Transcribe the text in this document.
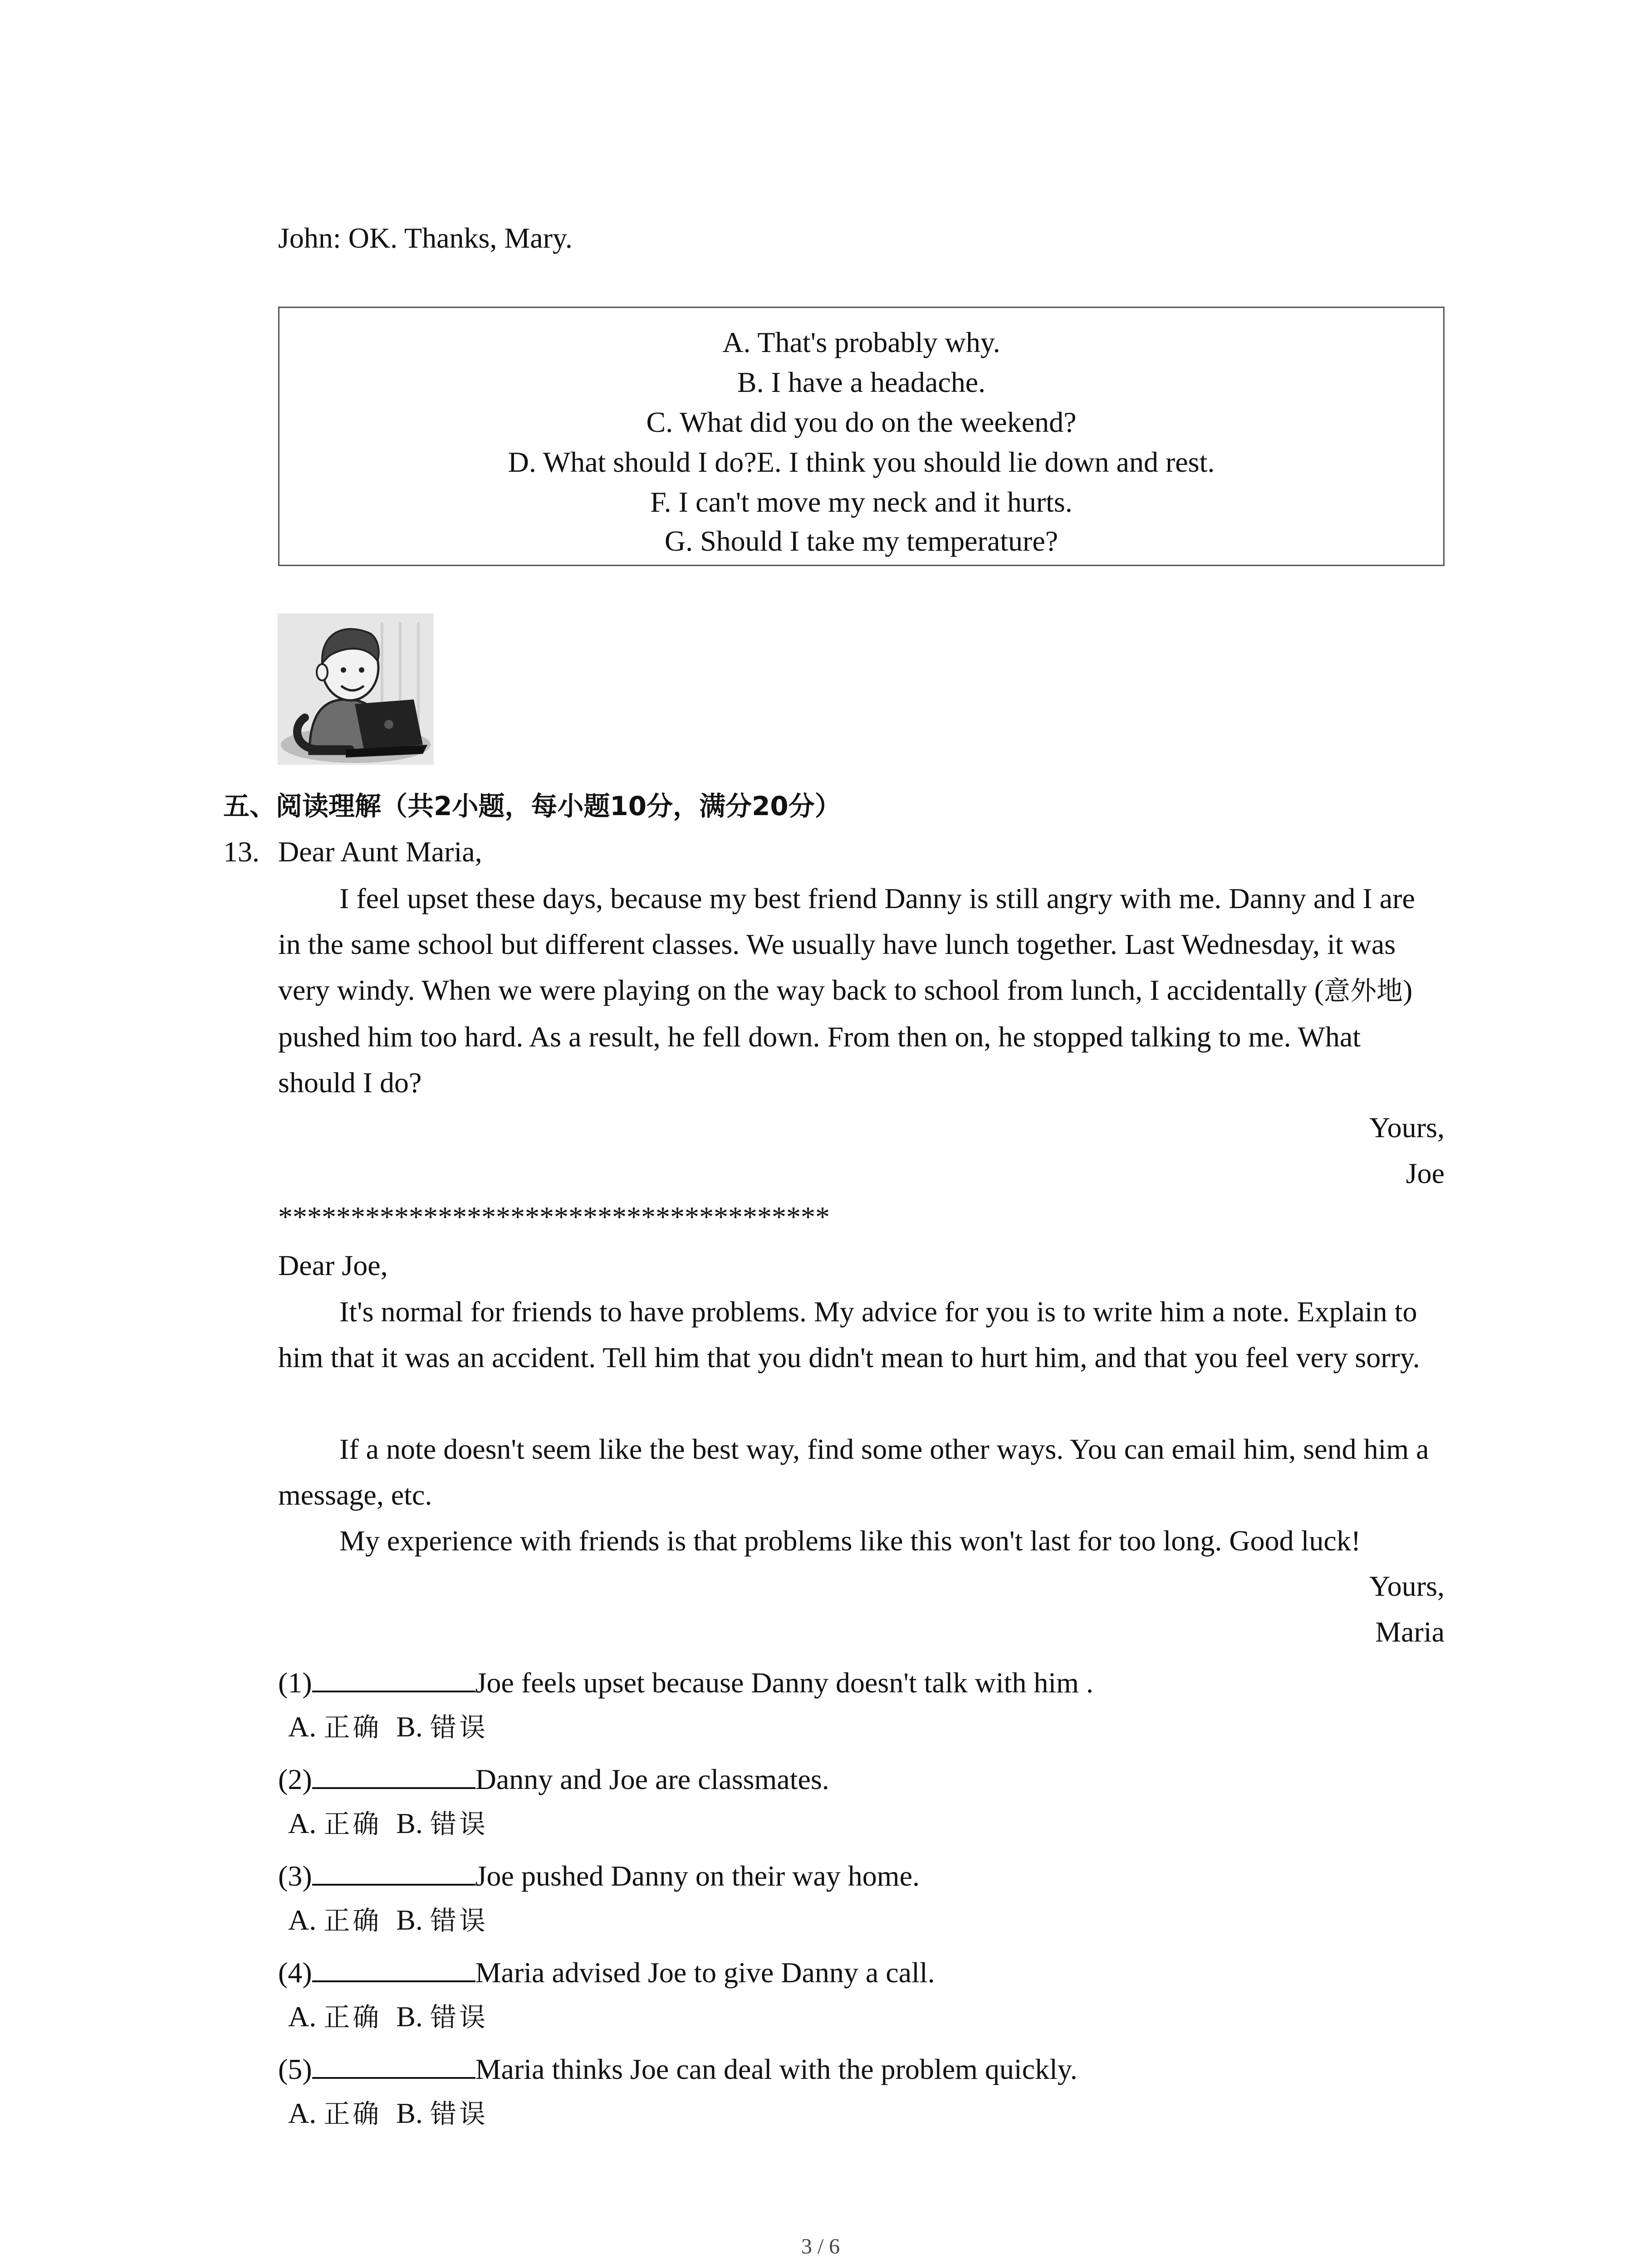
John: OK. Thanks, Mary.
A. That's probably why.
B. I have a headache.
C. What did you do on the weekend?
D. What should I do?E. I think you should lie down and rest.
F. I can't move my neck and it hurts.
G. Should I take my temperature?
五、阅读理解（共2小题，每小题10分，满分20分）
13. Dear Aunt Maria,
I feel upset these days, because my best friend Danny is still angry with me. Danny and I are in the same school but different classes. We usually have lunch together. Last Wednesday, it was very windy. When we were playing on the way back to school from lunch, I accidentally (意外地) pushed him too hard. As a result, he fell down. From then on, he stopped talking to me. What should I do?
Yours,
Joe
**************************************
Dear Joe,
It's normal for friends to have problems. My advice for you is to write him a note. Explain to him that it was an accident. Tell him that you didn't mean to hurt him, and that you feel very sorry.
If a note doesn't seem like the best way, find some other ways. You can email him, send him a message, etc.
My experience with friends is that problems like this won't last for too long. Good luck!
Yours,
Maria
(1)	Joe feels upset because Danny doesn't talk with him .
A. 正确 B. 错误
(2)	Danny and Joe are classmates.
A. 正确 B. 错误
(3)	Joe pushed Danny on their way home.
A. 正确 B. 错误
(4)	Maria advised Joe to give Danny a call.
A. 正确 B. 错误
(5)	Maria thinks Joe can deal with the problem quickly.
A. 正确 B. 错误
3 / 6
